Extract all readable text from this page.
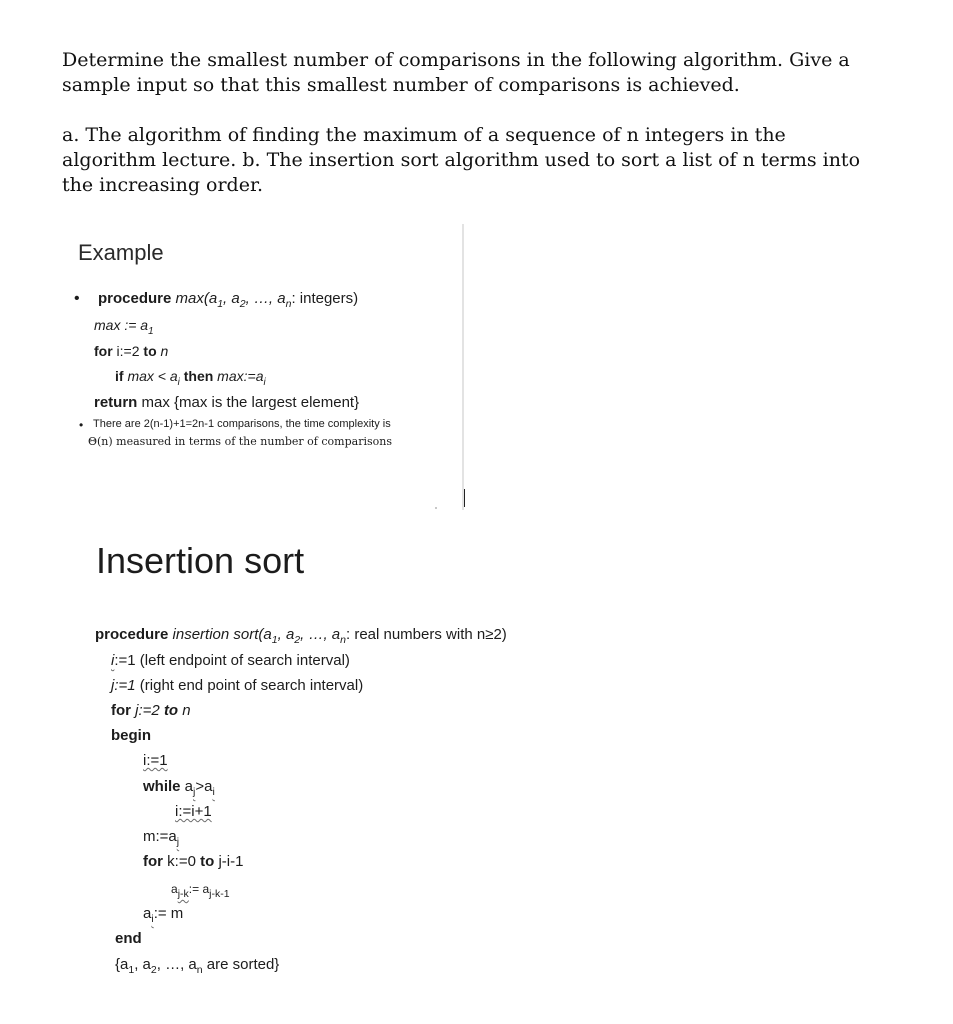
Determine the smallest number of comparisons in the following algorithm. Give a sample input so that this smallest number of comparisons is achieved.

a. The algorithm of finding the maximum of a sequence of n integers in the algorithm lecture. b. The insertion sort algorithm used to sort a list of n terms into the increasing order.

Example
• procedure $\max(a_1$, $a_2$, …, $a_n$: integers)
max := $a_1$
for i:=2 to n
if $\max < a_i$ then $\max:=a_i$
return max {max is the largest element}
• There are 2(n-1)+1=2n-1 comparisons, the time complexity is
Θ(n) measured in terms of the number of comparisons
Insertion sort
procedure insertion $sort(a_1$, $a_2$, …, $a_n$: real numbers with n≥2)
i:=1 (left endpoint of search interval)
j:=1 (right end point of search interval)
for j:=2 to n
begin
i:=1
while $a_j>a_i$
i:=i+1
$m:=a_j$
for k:=0 to j-i-1
$a_{j-k}:= a_{j-k-1}$
$a_i:= m$
end
{$a_1$, $a_2$, …, $a_n$ are sorted}
